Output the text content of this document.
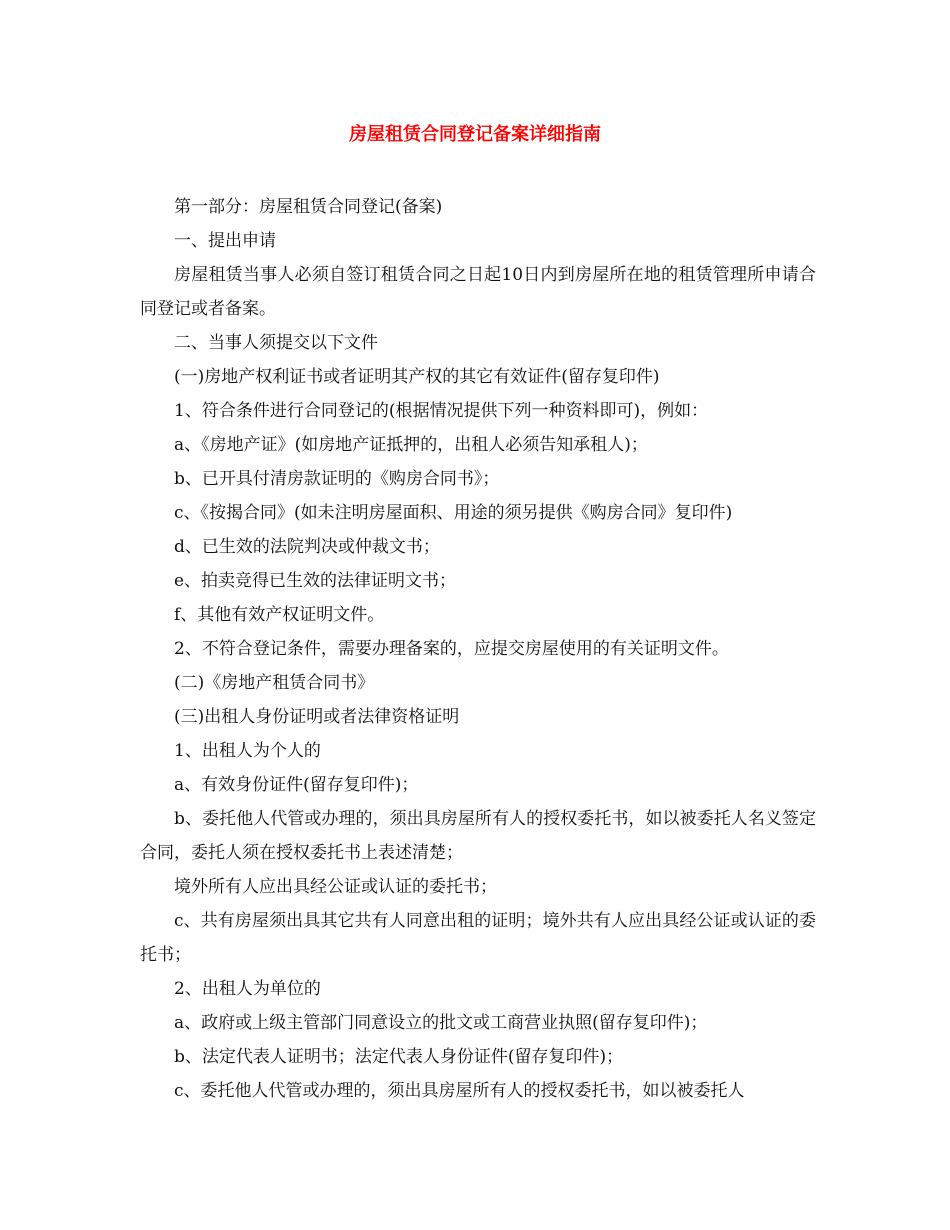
房屋租赁合同登记备案详细指南

第一部分：房屋租赁合同登记(备案)

一、提出申请

房屋租赁当事人必须自签订租赁合同之日起10日内到房屋所在地的租赁管理所申请合同登记或者备案。

二、当事人须提交以下文件

(一)房地产权利证书或者证明其产权的其它有效证件(留存复印件)

1、符合条件进行合同登记的(根据情况提供下列一种资料即可)，例如：

a、《房地产证》(如房地产证抵押的，出租人必须告知承租人)；

b、已开具付清房款证明的《购房合同书》；

c、《按揭合同》(如未注明房屋面积、用途的须另提供《购房合同》复印件)

d、已生效的法院判决或仲裁文书；

e、拍卖竞得已生效的法律证明文书；

f、其他有效产权证明文件。

2、不符合登记条件，需要办理备案的，应提交房屋使用的有关证明文件。

(二)《房地产租赁合同书》

(三)出租人身份证明或者法律资格证明

1、出租人为个人的

a、有效身份证件(留存复印件)；

b、委托他人代管或办理的，须出具房屋所有人的授权委托书，如以被委托人名义签定合同，委托人须在授权委托书上表述清楚；

境外所有人应出具经公证或认证的委托书；

c、共有房屋须出具其它共有人同意出租的证明；境外共有人应出具经公证或认证的委托书；

2、出租人为单位的

a、政府或上级主管部门同意设立的批文或工商营业执照(留存复印件)；

b、法定代表人证明书；法定代表人身份证件(留存复印件)；

c、委托他人代管或办理的，须出具房屋所有人的授权委托书，如以被委托人
